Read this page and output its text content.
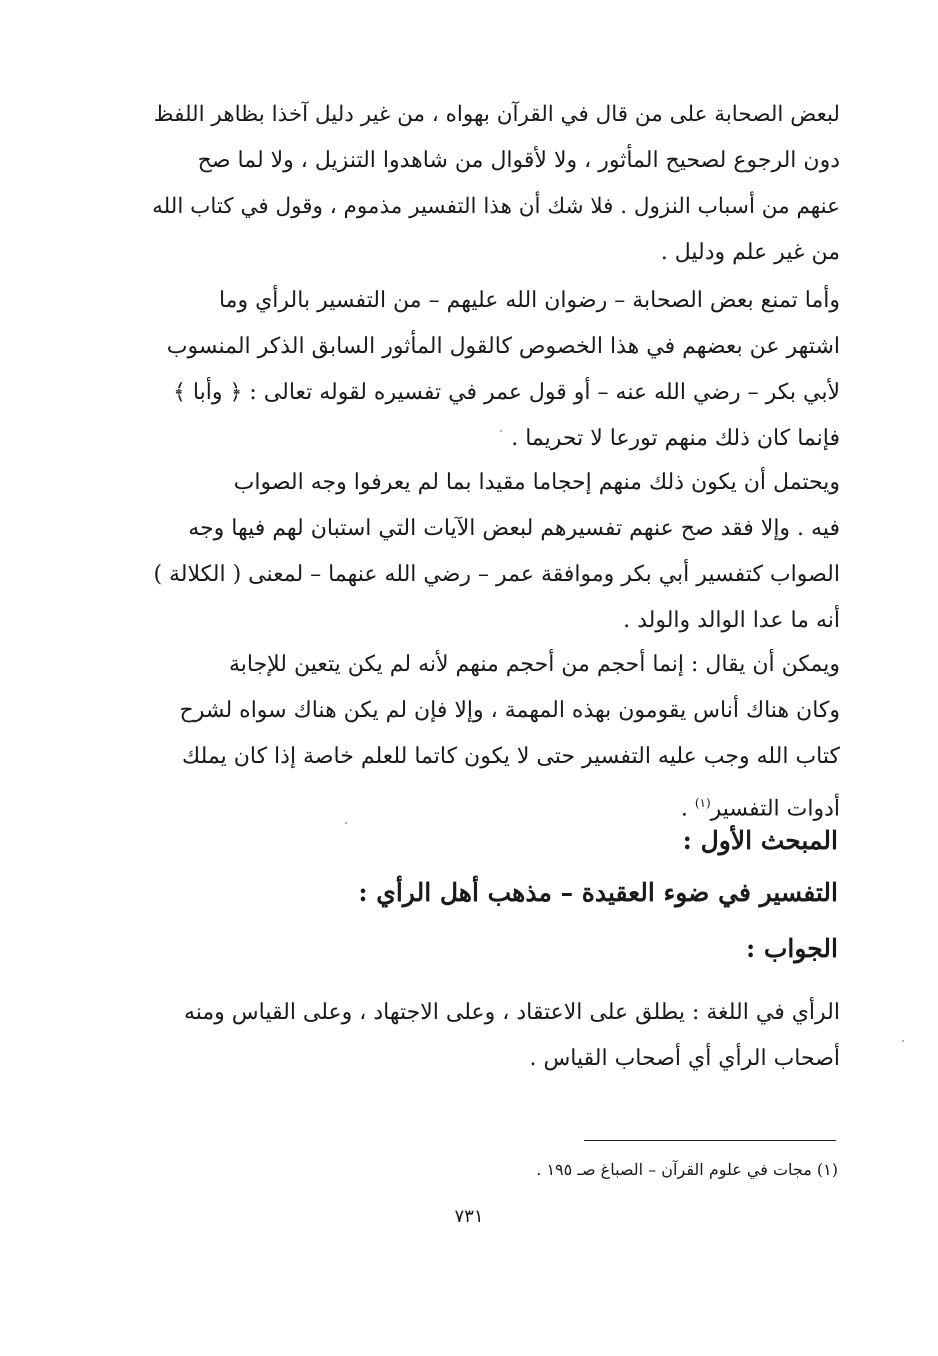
لبعض الصحابة على من قال في القرآن بهواه ، من غير دليل آخذا بظاهر اللفظ
دون الرجوع لصحيح المأثور ، ولا لأقوال من شاهدوا التنزيل ، ولا لما صح
عنهم من أسباب النزول . فلا شك أن هذا التفسير مذموم ، وقول في كتاب الله
من غير علم ودليل .
وأما تمنع بعض الصحابة – رضوان الله عليهم – من التفسير بالرأي وما
اشتهر عن بعضهم في هذا الخصوص كالقول المأثور السابق الذكر المنسوب
لأبي بكر – رضي الله عنه – أو قول عمر في تفسيره لقوله تعالى : ﴿ وأبا ﴾
فإنما كان ذلك منهم تورعا لا تحريما .
ويحتمل أن يكون ذلك منهم إحجاما مقيدا بما لم يعرفوا وجه الصواب
فيه . وإلا فقد صح عنهم تفسيرهم لبعض الآيات التي استبان لهم فيها وجه
الصواب كتفسير أبي بكر وموافقة عمر – رضي الله عنهما – لمعنى ( الكلالة )
أنه ما عدا الوالد والولد .
ويمكن أن يقال : إنما أحجم من أحجم منهم لأنه لم يكن يتعين للإجابة
وكان هناك أناس يقومون بهذه المهمة ، وإلا فإن لم يكن هناك سواه لشرح
كتاب الله وجب عليه التفسير حتى لا يكون كاتما للعلم خاصة إذا كان يملك
أدوات التفسير$^{(١)}$ .
المبحث الأول :
التفسير في ضوء العقيدة – مذهب أهل الرأي :
الجواب :
الرأي في اللغة : يطلق على الاعتقاد ، وعلى الاجتهاد ، وعلى القياس ومنه
أصحاب الرأي أي أصحاب القياس .
(١) مجات في علوم القرآن – الصباغ صـ ١٩٥ .
٧٣١
